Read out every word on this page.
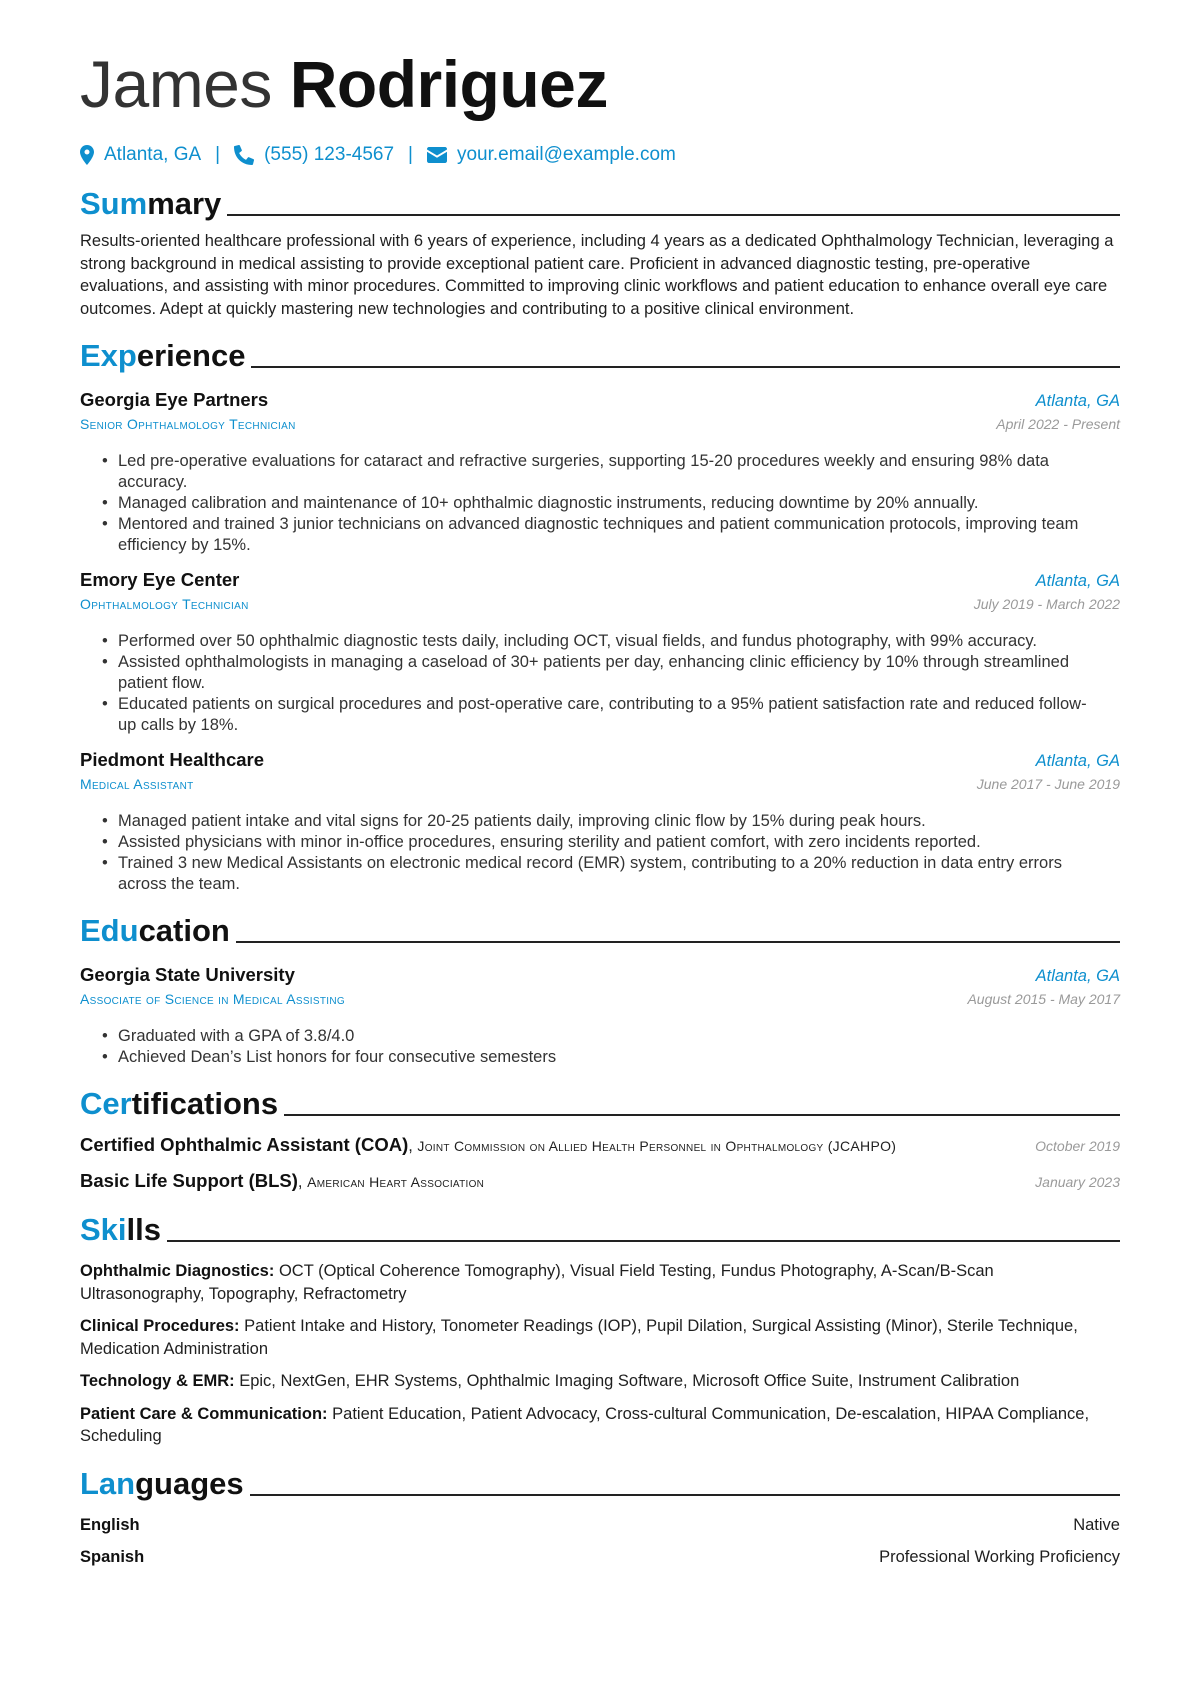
James Rodriguez
Atlanta, GA | (555) 123-4567 | your.email@example.com
Summary
Results-oriented healthcare professional with 6 years of experience, including 4 years as a dedicated Ophthalmology Technician, leveraging a strong background in medical assisting to provide exceptional patient care. Proficient in advanced diagnostic testing, pre-operative evaluations, and assisting with minor procedures. Committed to improving clinic workflows and patient education to enhance overall eye care outcomes. Adept at quickly mastering new technologies and contributing to a positive clinical environment.
Experience
Georgia Eye Partners	Atlanta, GA
Senior Ophthalmology Technician	April 2022 - Present
• Led pre-operative evaluations for cataract and refractive surgeries, supporting 15-20 procedures weekly and ensuring 98% data accuracy.
• Managed calibration and maintenance of 10+ ophthalmic diagnostic instruments, reducing downtime by 20% annually.
• Mentored and trained 3 junior technicians on advanced diagnostic techniques and patient communication protocols, improving team efficiency by 15%.
Emory Eye Center	Atlanta, GA
Ophthalmology Technician	July 2019 - March 2022
• Performed over 50 ophthalmic diagnostic tests daily, including OCT, visual fields, and fundus photography, with 99% accuracy.
• Assisted ophthalmologists in managing a caseload of 30+ patients per day, enhancing clinic efficiency by 10% through streamlined patient flow.
• Educated patients on surgical procedures and post-operative care, contributing to a 95% patient satisfaction rate and reduced follow-up calls by 18%.
Piedmont Healthcare	Atlanta, GA
Medical Assistant	June 2017 - June 2019
• Managed patient intake and vital signs for 20-25 patients daily, improving clinic flow by 15% during peak hours.
• Assisted physicians with minor in-office procedures, ensuring sterility and patient comfort, with zero incidents reported.
• Trained 3 new Medical Assistants on electronic medical record (EMR) system, contributing to a 20% reduction in data entry errors across the team.
Education
Georgia State University	Atlanta, GA
Associate of Science in Medical Assisting	August 2015 - May 2017
• Graduated with a GPA of 3.8/4.0
• Achieved Dean’s List honors for four consecutive semesters
Certifications
Certified Ophthalmic Assistant (COA), Joint Commission on Allied Health Personnel in Ophthalmology (JCAHPO)	October 2019
Basic Life Support (BLS), American Heart Association	January 2023
Skills
Ophthalmic Diagnostics: OCT (Optical Coherence Tomography), Visual Field Testing, Fundus Photography, A-Scan/B-Scan Ultrasonography, Topography, Refractometry
Clinical Procedures: Patient Intake and History, Tonometer Readings (IOP), Pupil Dilation, Surgical Assisting (Minor), Sterile Technique, Medication Administration
Technology & EMR: Epic, NextGen, EHR Systems, Ophthalmic Imaging Software, Microsoft Office Suite, Instrument Calibration
Patient Care & Communication: Patient Education, Patient Advocacy, Cross-cultural Communication, De-escalation, HIPAA Compliance, Scheduling
Languages
English	Native
Spanish	Professional Working Proficiency
